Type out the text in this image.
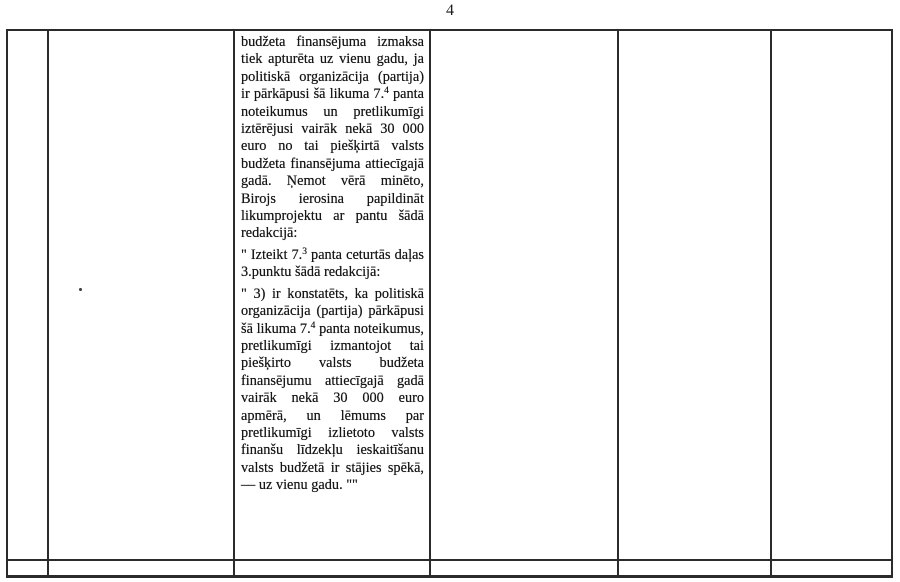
4
budžeta finansējuma izmaksa tiek apturēta uz vienu gadu, ja politiskā organizācija (partija) ir pārkāpusi šā likuma 7.$^4$ panta noteikumus un pretlikumīgi iztērējusi vairāk nekā 30 000 euro no tai piešķirtā valsts budžeta finansējuma attiecīgajā gadā. Ņemot vērā minēto, Birojs ierosina papildināt likumprojektu ar pantu šādā redakcijā:
" Izteikt 7.$^3$ panta ceturtās daļas 3.punktu šādā redakcijā:
" 3) ir konstatēts, ka politiskā organizācija (partija) pārkāpusi šā likuma 7.$^4$ panta noteikumus, pretlikumīgi izmantojot tai piešķirto valsts budžeta finansējumu attiecīgajā gadā vairāk nekā 30 000 euro apmērā, un lēmums par pretlikumīgi izlietoto valsts finanšu līdzekļu ieskaitīšanu valsts budžetā ir stājies spēkā, –– uz vienu gadu. ""
